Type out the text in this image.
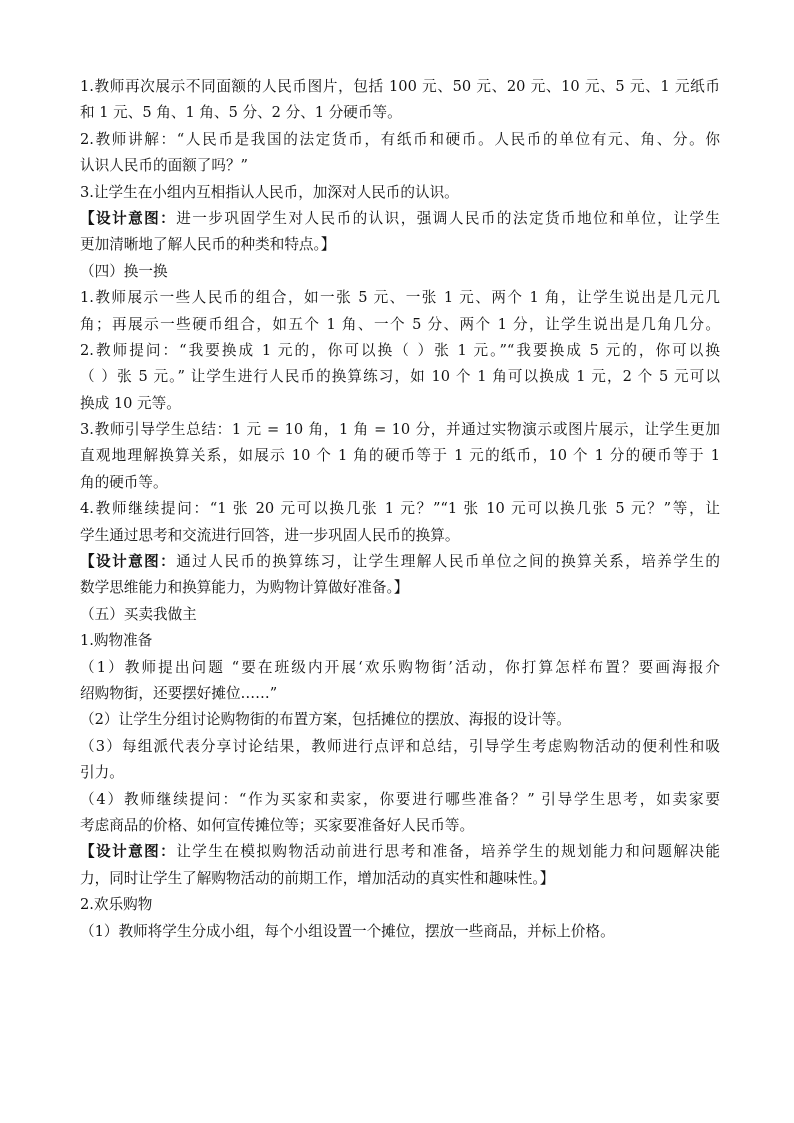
1.教师再次展示不同面额的人民币图片，包括 100 元、50 元、20 元、10 元、5 元、1 元纸币
和 1 元、5 角、1 角、5 分、2 分、1 分硬币等。
2.教师讲解：“人民币是我国的法定货币，有纸币和硬币。人民币的单位有元、角、分。你
认识人民币的面额了吗？”
3.让学生在小组内互相指认人民币，加深对人民币的认识。
【设计意图：进一步巩固学生对人民币的认识，强调人民币的法定货币地位和单位，让学生
更加清晰地了解人民币的种类和特点。】
（四）换一换
1.教师展示一些人民币的组合，如一张 5 元、一张 1 元、两个 1 角，让学生说出是几元几
角；再展示一些硬币组合，如五个 1 角、一个 5 分、两个 1 分，让学生说出是几角几分。
2.教师提问：“我要换成 1 元的，你可以换（ ）张 1 元。”“我要换成 5 元的，你可以换
（ ）张 5 元。” 让学生进行人民币的换算练习，如 10 个 1 角可以换成 1 元，2 个 5 元可以
换成 10 元等。
3.教师引导学生总结：1 元 = 10 角，1 角 = 10 分，并通过实物演示或图片展示，让学生更加
直观地理解换算关系，如展示 10 个 1 角的硬币等于 1 元的纸币，10 个 1 分的硬币等于 1
角的硬币等。
4.教师继续提问：“1 张 20 元可以换几张 1 元？”“1 张 10 元可以换几张 5 元？”等，让
学生通过思考和交流进行回答，进一步巩固人民币的换算。
【设计意图：通过人民币的换算练习，让学生理解人民币单位之间的换算关系，培养学生的
数学思维能力和换算能力，为购物计算做好准备。】
（五）买卖我做主
1.购物准备
（1）教师提出问题 “要在班级内开展‘欢乐购物街’活动，你打算怎样布置？要画海报介
绍购物街，还要摆好摊位……”
（2）让学生分组讨论购物街的布置方案，包括摊位的摆放、海报的设计等。
（3）每组派代表分享讨论结果，教师进行点评和总结，引导学生考虑购物活动的便利性和吸
引力。
（4）教师继续提问：“作为买家和卖家，你要进行哪些准备？” 引导学生思考，如卖家要
考虑商品的价格、如何宣传摊位等；买家要准备好人民币等。
【设计意图：让学生在模拟购物活动前进行思考和准备，培养学生的规划能力和问题解决能
力，同时让学生了解购物活动的前期工作，增加活动的真实性和趣味性。】
2.欢乐购物
（1）教师将学生分成小组，每个小组设置一个摊位，摆放一些商品，并标上价格。
